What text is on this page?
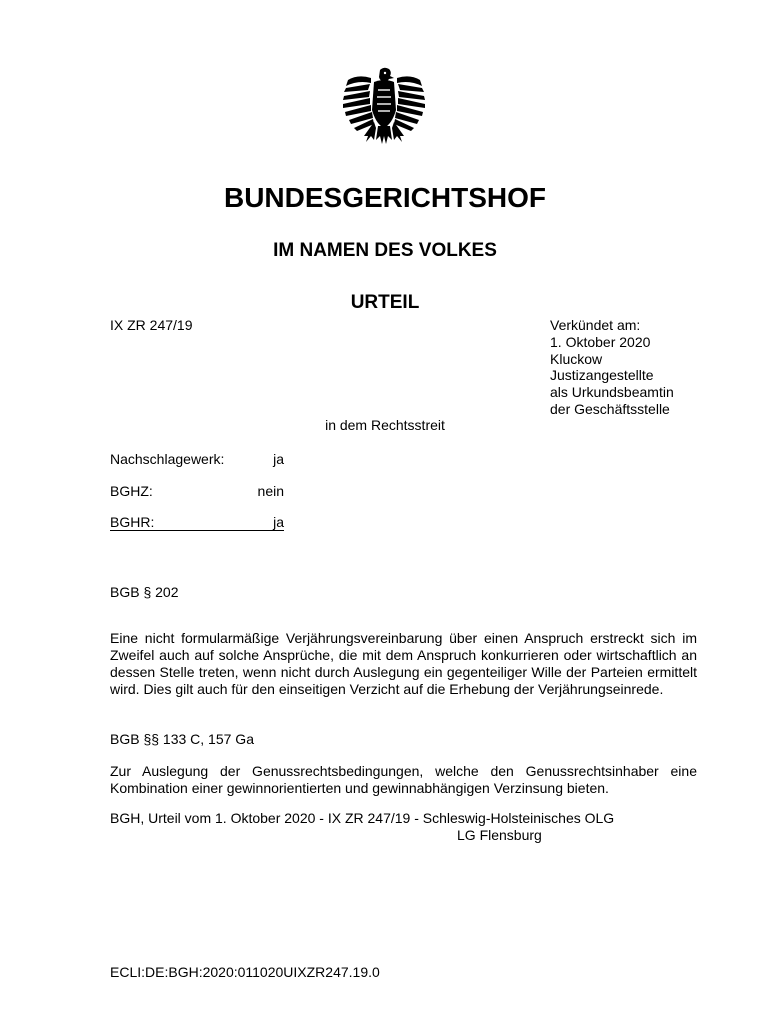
BUNDESGERICHTSHOF
IM NAMEN DES VOLKES
URTEIL
IX ZR 247/19	Verkündet am:
1. Oktober 2020
Kluckow
Justizangestellte
als Urkundsbeamtin
der Geschäftsstelle
in dem Rechtsstreit
Nachschlagewerk:	ja
BGHZ:	nein
BGHR:	ja
BGB § 202
Eine nicht formularmäßige Verjährungsvereinbarung über einen Anspruch erstreckt sich im Zweifel auch auf solche Ansprüche, die mit dem Anspruch konkurrieren oder wirtschaftlich an dessen Stelle treten, wenn nicht durch Auslegung ein gegenteiliger Wille der Parteien ermittelt wird. Dies gilt auch für den einseitigen Verzicht auf die Erhebung der Verjährungseinrede.
BGB §§ 133 C, 157 Ga
Zur Auslegung der Genussrechtsbedingungen, welche den Genussrechtsinhaber eine Kombination einer gewinnorientierten und gewinnabhängigen Verzinsung bieten.
BGH, Urteil vom 1. Oktober 2020 - IX ZR 247/19 - Schleswig-Holsteinisches OLG
LG Flensburg
ECLI:DE:BGH:2020:011020UIXZR247.19.0
